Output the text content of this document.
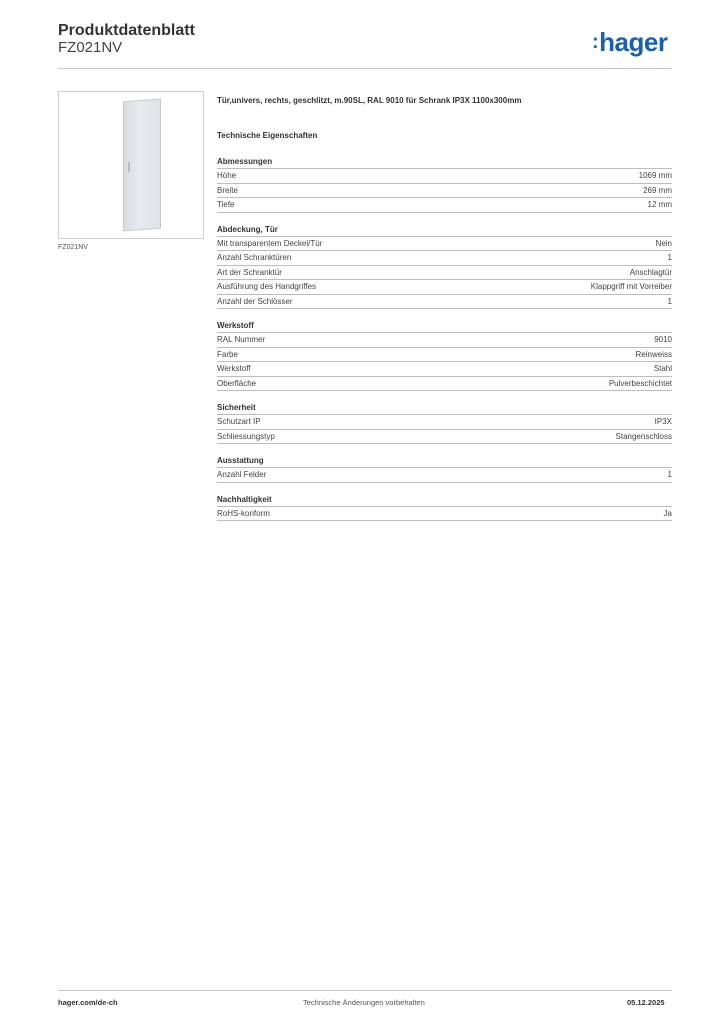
Produktdatenblatt
FZ021NV	:hager
FZ021NV
Tür,univers, rechts, geschlitzt, m.90SL, RAL 9010 für Schrank IP3X 1100x300mm
Technische Eigenschaften
Abmessungen
Höhe	1069 mm
Breite	269 mm
Tiefe	12 mm
Abdeckung, Tür
Mit transparentem Deckel/Tür	Nein
Anzahl Schranktüren	1
Art der Schranktür	Anschlagtür
Ausführung des Handgriffes	Klappgriff mit Vorreiber
Anzahl der Schlösser	1
Werkstoff
RAL Nummer	9010
Farbe	Reinweiss
Werkstoff	Stahl
Oberfläche	Pulverbeschichtet
Sicherheit
Schutzart IP	IP3X
Schliessungstyp	Stangenschloss
Ausstattung
Anzahl Felder	1
Nachhaltigkeit
RoHS-konform	Ja
hager.com/de-ch	Technische Änderungen vorbehalten	05.12.2025
